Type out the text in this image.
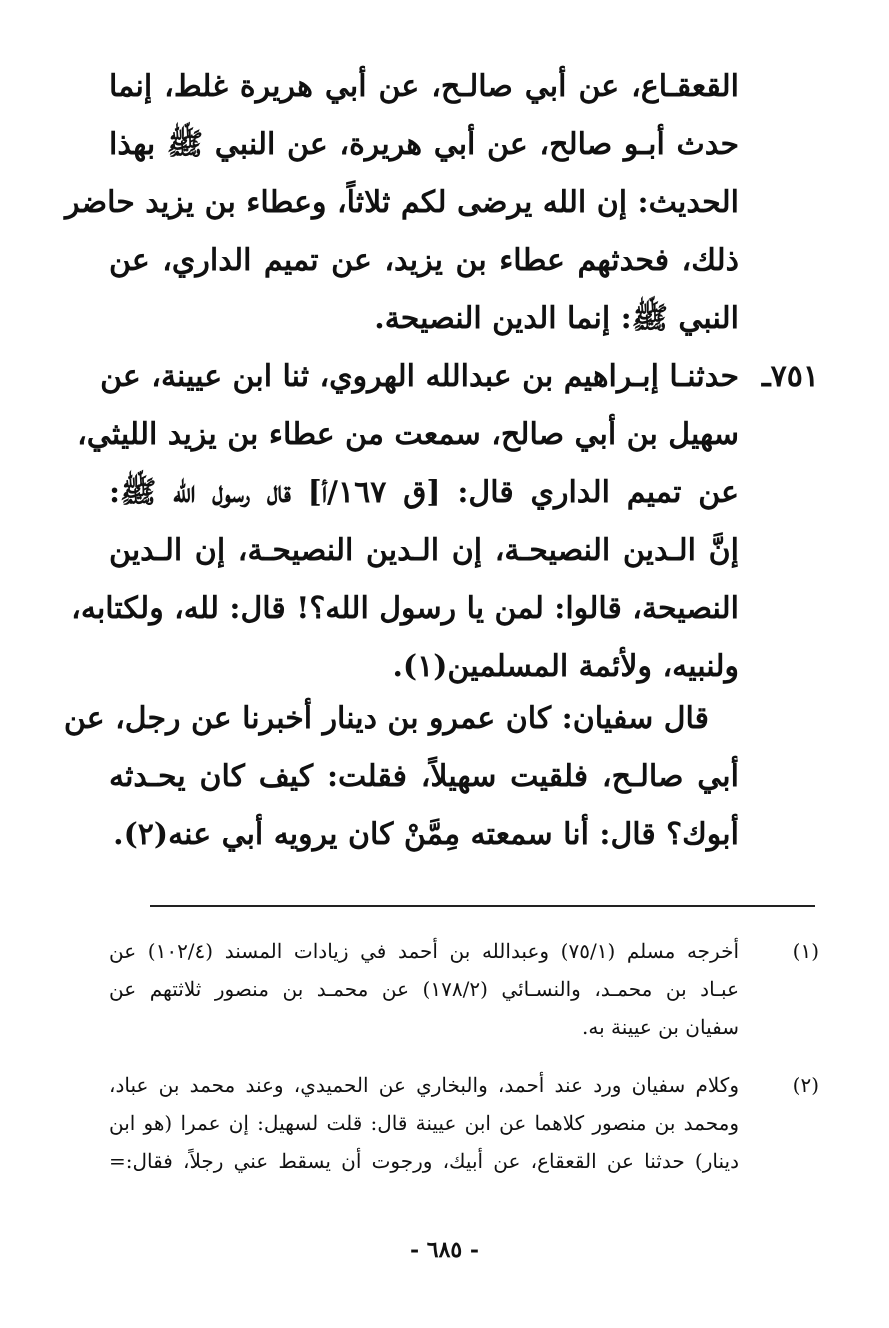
القعقـاع، عن أبي صالـح، عن أبي هريرة غلط، إنما
حدث أبـو صالح، عن أبي هريرة، عن النبي ﷺ بهذا
الحديث: إن الله يرضى لكم ثلاثاً، وعطاء بن يزيد حاضر
ذلك، فحدثهم عطاء بن يزيد، عن تميم الداري، عن
النبي ﷺ: إنما الدين النصيحة.
٧٥١ـ
حدثنـا إبـراهيم بن عبدالله الهروي، ثنا ابن عيينة، عن
سهيل بن أبي صالح، سمعت من عطاء بن يزيد الليثي،
عن تميم الداري قال: [ق ١٦٧/أ] قال رسول الله ﷺ:
إنَّ الـدين النصيحـة، إن الـدين النصيحـة، إن الـدين
النصيحة، قالوا: لمن يا رسول الله؟! قال: لله، ولكتابه،
ولنبيه، ولأئمة المسلمين(١).
قال سفيان: كان عمرو بن دينار أخبرنا عن رجل، عن
أبي صالـح، فلقيت سهيلاً، فقلت: كيف كان يحـدثه
أبوك؟ قال: أنا سمعته مِمَّنْ كان يرويه أبي عنه(٢).
(١)
أخرجه مسلم (٧٥/١) وعبدالله بن أحمد في زيادات المسند (١٠٢/٤) عن
عبـاد بن محمـد، والنسـائي (١٧٨/٢) عن محمـد بن منصور ثلاثتهم عن
سفيان بن عيينة به.
(٢)
وكلام سفيان ورد عند أحمد، والبخاري عن الحميدي، وعند محمد بن عباد،
ومحمد بن منصور كلاهما عن ابن عيينة قال: قلت لسهيل: إن عمرا (هو ابن
دينار) حدثنا عن القعقاع، عن أبيك، ورجوت أن يسقط عني رجلاً، فقال:=
- ٦٨٥ -
